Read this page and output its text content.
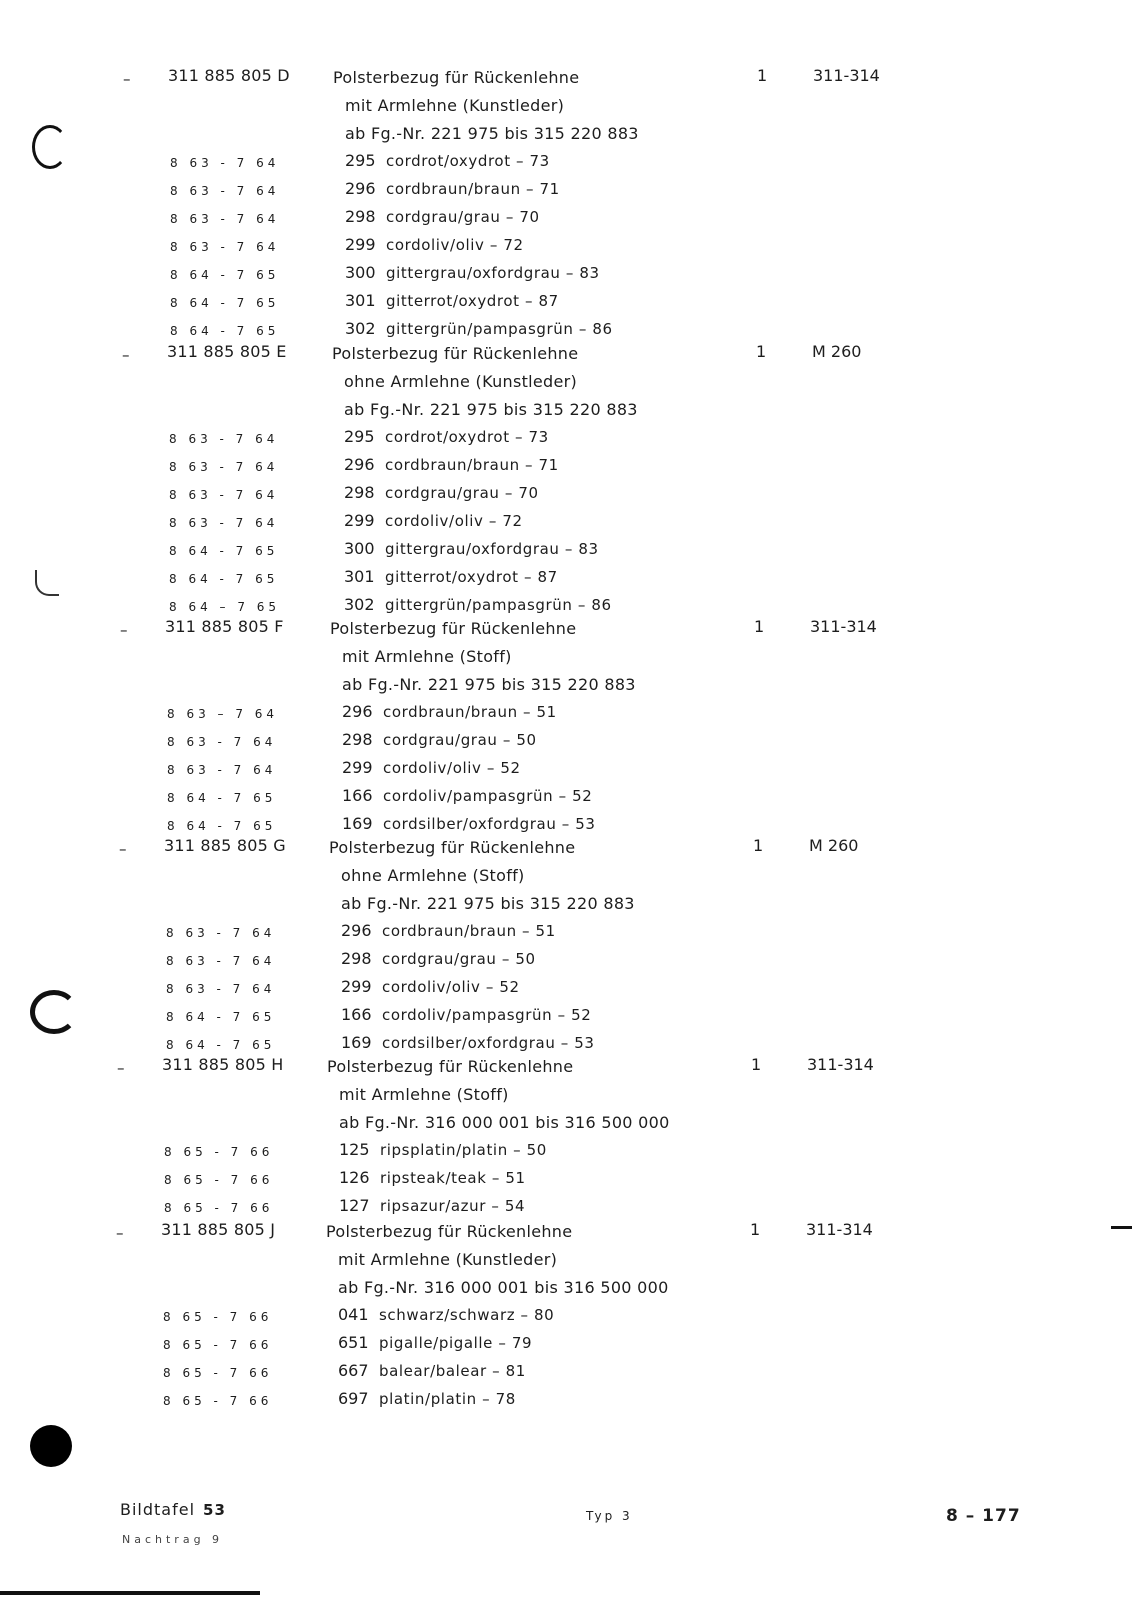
– 311 885 805 D	Polsterbezug für Rückenlehne	1	311-314
mit Armlehne (Kunstleder)
ab Fg.-Nr. 221 975 bis 315 220 883
8 63 - 7 64	295 cordrot/oxydrot – 73
8 63 - 7 64	296 cordbraun/braun – 71
8 63 - 7 64	298 cordgrau/grau – 70
8 63 - 7 64	299 cordoliv/oliv – 72
8 64 - 7 65	300 gittergrau/oxfordgrau – 83
8 64 - 7 65	301 gitterrot/oxydrot – 87
8 64 - 7 65	302 gittergrün/pampasgrün – 86
– 311 885 805 E	Polsterbezug für Rückenlehne	1	M 260
ohne Armlehne (Kunstleder)
ab Fg.-Nr. 221 975 bis 315 220 883
8 63 - 7 64	295 cordrot/oxydrot – 73
8 63 - 7 64	296 cordbraun/braun – 71
8 63 - 7 64	298 cordgrau/grau – 70
8 63 - 7 64	299 cordoliv/oliv – 72
8 64 - 7 65	300 gittergrau/oxfordgrau – 83
8 64 - 7 65	301 gitterrot/oxydrot – 87
8 64 – 7 65	302 gittergrün/pampasgrün – 86
– 311 885 805 F	Polsterbezug für Rückenlehne	1	311-314
mit Armlehne (Stoff)
ab Fg.-Nr. 221 975 bis 315 220 883
8 63 – 7 64	296 cordbraun/braun – 51
8 63 - 7 64	298 cordgrau/grau – 50
8 63 - 7 64	299 cordoliv/oliv – 52
8 64 - 7 65	166 cordoliv/pampasgrün – 52
8 64 - 7 65	169 cordsilber/oxfordgrau – 53
– 311 885 805 G	Polsterbezug für Rückenlehne	1	M 260
ohne Armlehne (Stoff)
ab Fg.-Nr. 221 975 bis 315 220 883
8 63 - 7 64	296 cordbraun/braun – 51
8 63 - 7 64	298 cordgrau/grau – 50
8 63 - 7 64	299 cordoliv/oliv – 52
8 64 - 7 65	166 cordoliv/pampasgrün – 52
8 64 - 7 65	169 cordsilber/oxfordgrau – 53
– 311 885 805 H	Polsterbezug für Rückenlehne	1	311-314
mit Armlehne (Stoff)
ab Fg.-Nr. 316 000 001 bis 316 500 000
8 65 - 7 66	125 ripsplatin/platin – 50
8 65 - 7 66	126 ripsteak/teak – 51
8 65 - 7 66	127 ripsazur/azur – 54
– 311 885 805 J	Polsterbezug für Rückenlehne	1	311-314
mit Armlehne (Kunstleder)
ab Fg.-Nr. 316 000 001 bis 316 500 000
8 65 - 7 66	041 schwarz/schwarz – 80
8 65 - 7 66	651 pigalle/pigalle – 79
8 65 - 7 66	667 balear/balear – 81
8 65 - 7 66	697 platin/platin – 78
Bildtafel 53
Nachtrag 9
Typ 3	8 – 177
